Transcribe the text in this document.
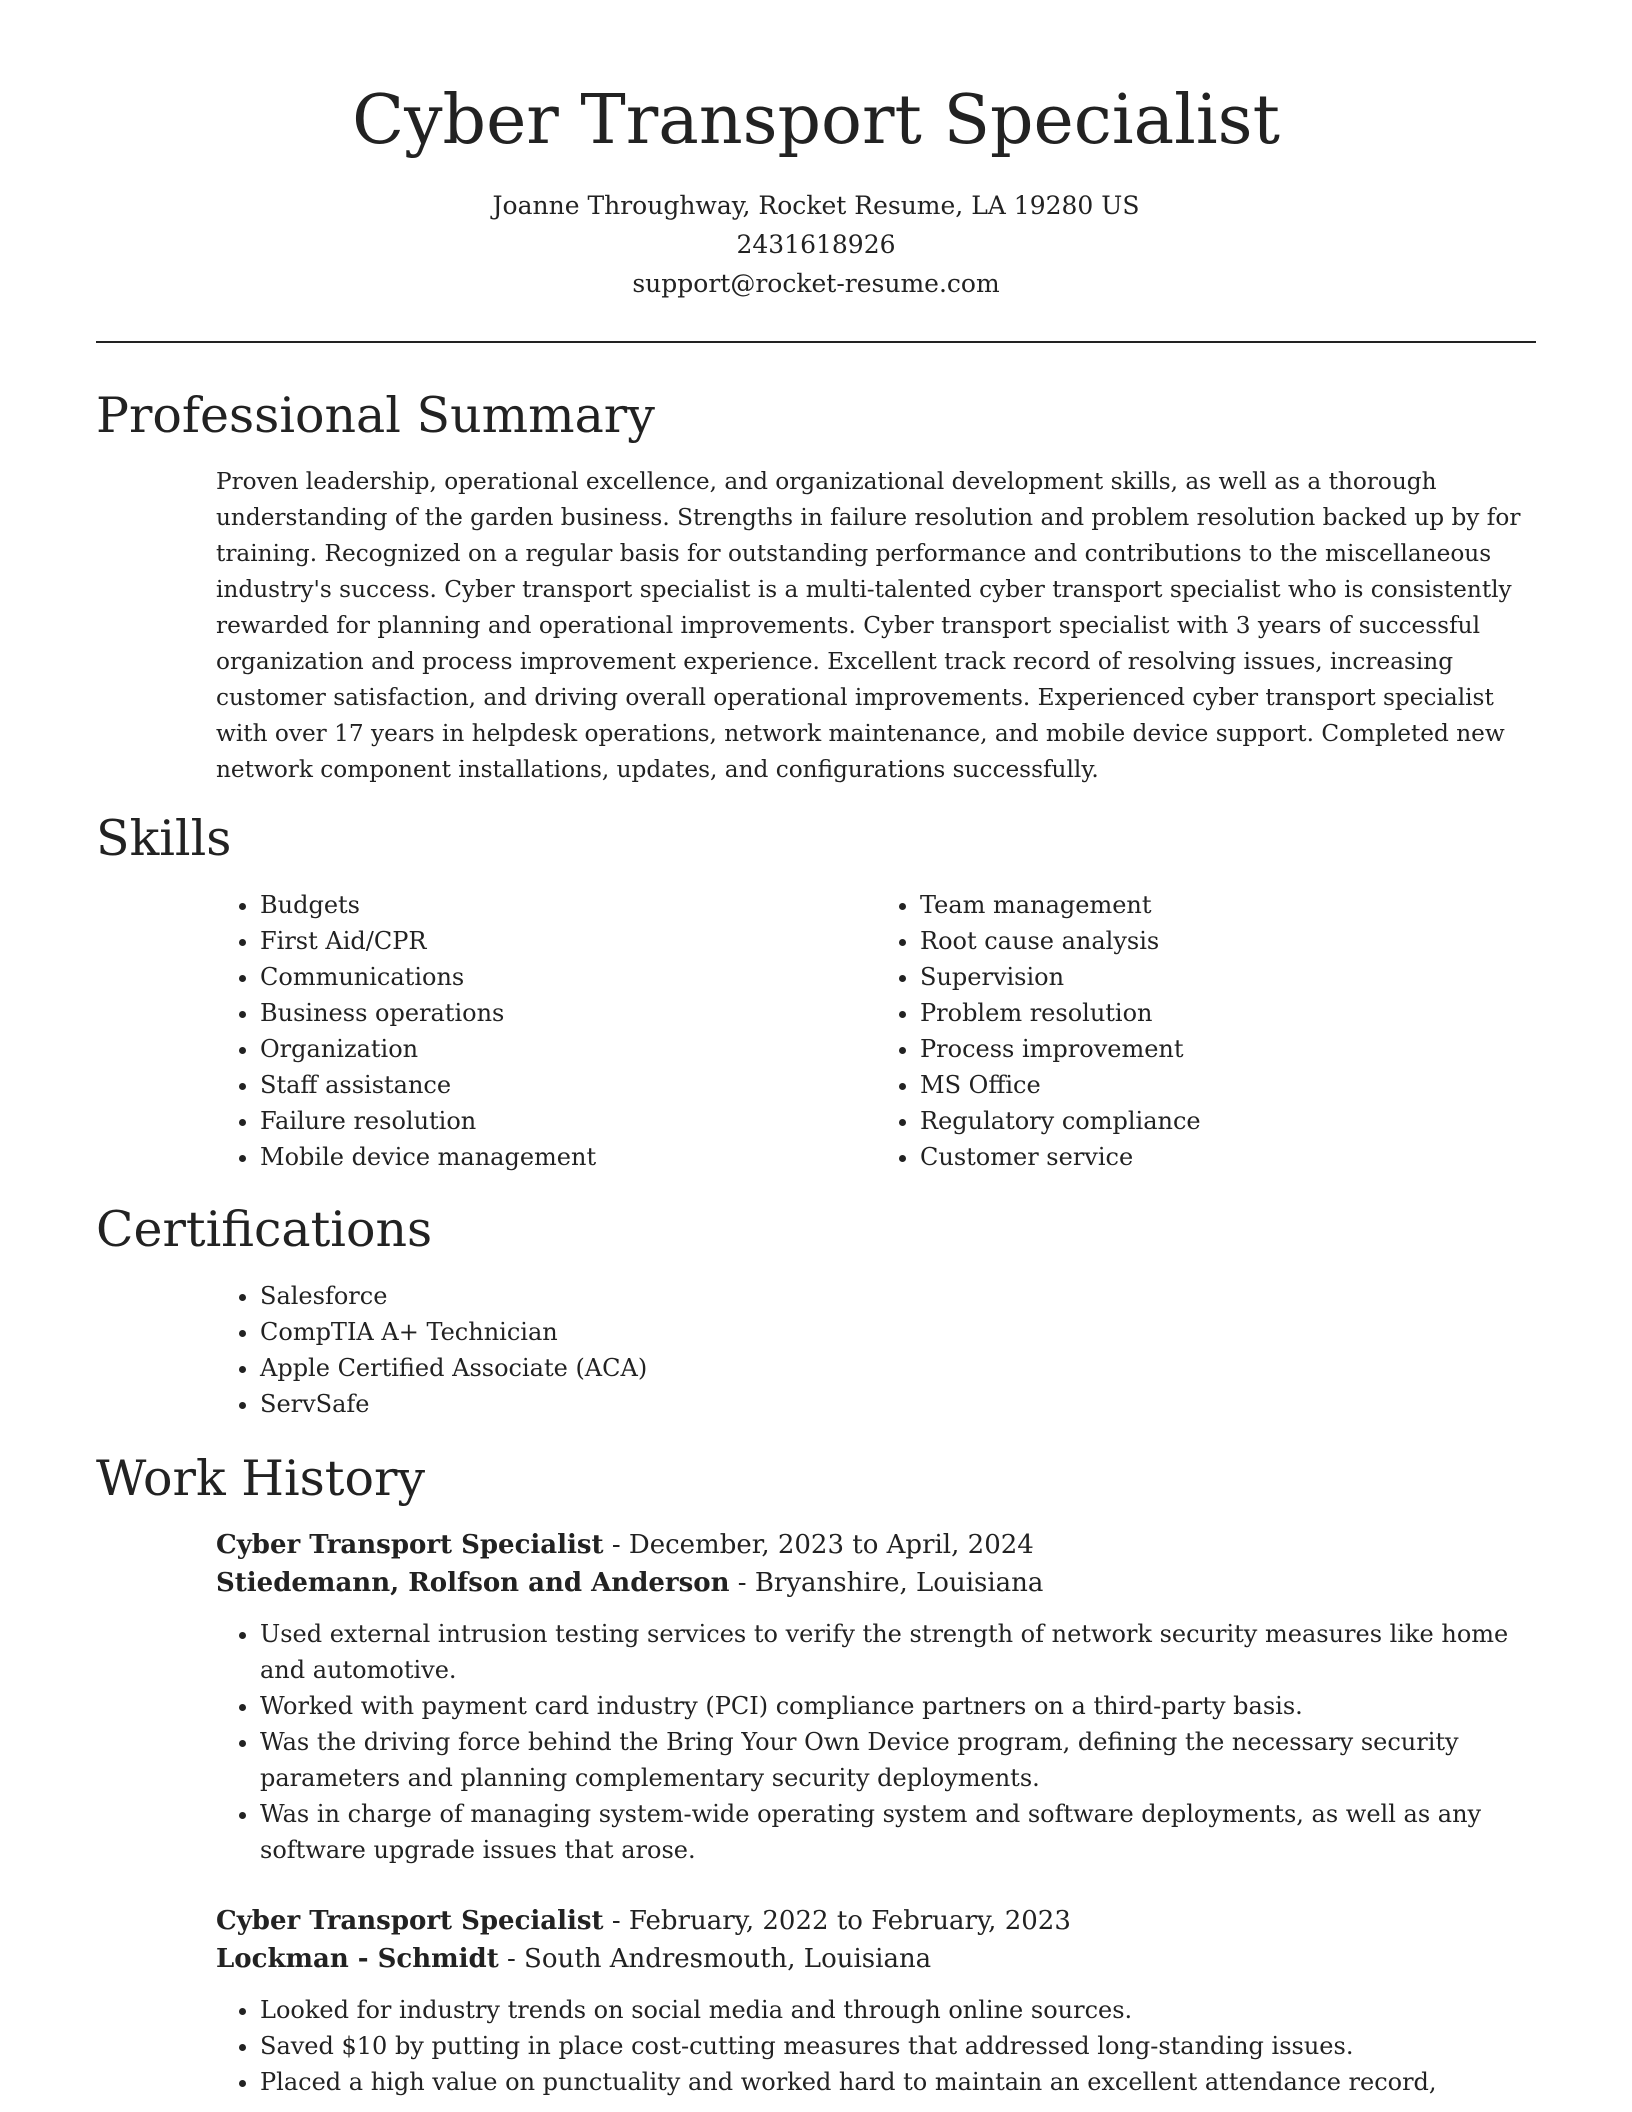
Cyber Transport Specialist
Joanne Throughway, Rocket Resume, LA 19280 US
2431618926
support@rocket-resume.com
Professional Summary

Proven leadership, operational excellence, and organizational development skills, as well as a thorough understanding of the garden business. Strengths in failure resolution and problem resolution backed up by for training. Recognized on a regular basis for outstanding performance and contributions to the miscellaneous industry's success. Cyber transport specialist is a multi-talented cyber transport specialist who is consistently rewarded for planning and operational improvements. Cyber transport specialist with 3 years of successful organization and process improvement experience. Excellent track record of resolving issues, increasing customer satisfaction, and driving overall operational improvements. Experienced cyber transport specialist with over 17 years in helpdesk operations, network maintenance, and mobile device support. Completed new network component installations, updates, and configurations successfully.

Skills
• Budgets
• First Aid/CPR
• Communications
• Business operations
• Organization
• Staff assistance
• Failure resolution
• Mobile device management
• Team management
• Root cause analysis
• Supervision
• Problem resolution
• Process improvement
• MS Office
• Regulatory compliance
• Customer service
Certifications
• Salesforce
• CompTIA A+ Technician
• Apple Certified Associate (ACA)
• ServSafe
Work History
Cyber Transport Specialist - December, 2023 to April, 2024
Stiedemann, Rolfson and Anderson - Bryanshire, Louisiana
• Used external intrusion testing services to verify the strength of network security measures like home and automotive.
• Worked with payment card industry (PCI) compliance partners on a third-party basis.
• Was the driving force behind the Bring Your Own Device program, defining the necessary security parameters and planning complementary security deployments.
• Was in charge of managing system-wide operating system and software deployments, as well as any software upgrade issues that arose.
Cyber Transport Specialist - February, 2022 to February, 2023
Lockman - Schmidt - South Andresmouth, Louisiana
• Looked for industry trends on social media and through online sources.
• Saved $10 by putting in place cost-cutting measures that addressed long-standing issues.
• Placed a high value on punctuality and worked hard to maintain an excellent attendance record,
